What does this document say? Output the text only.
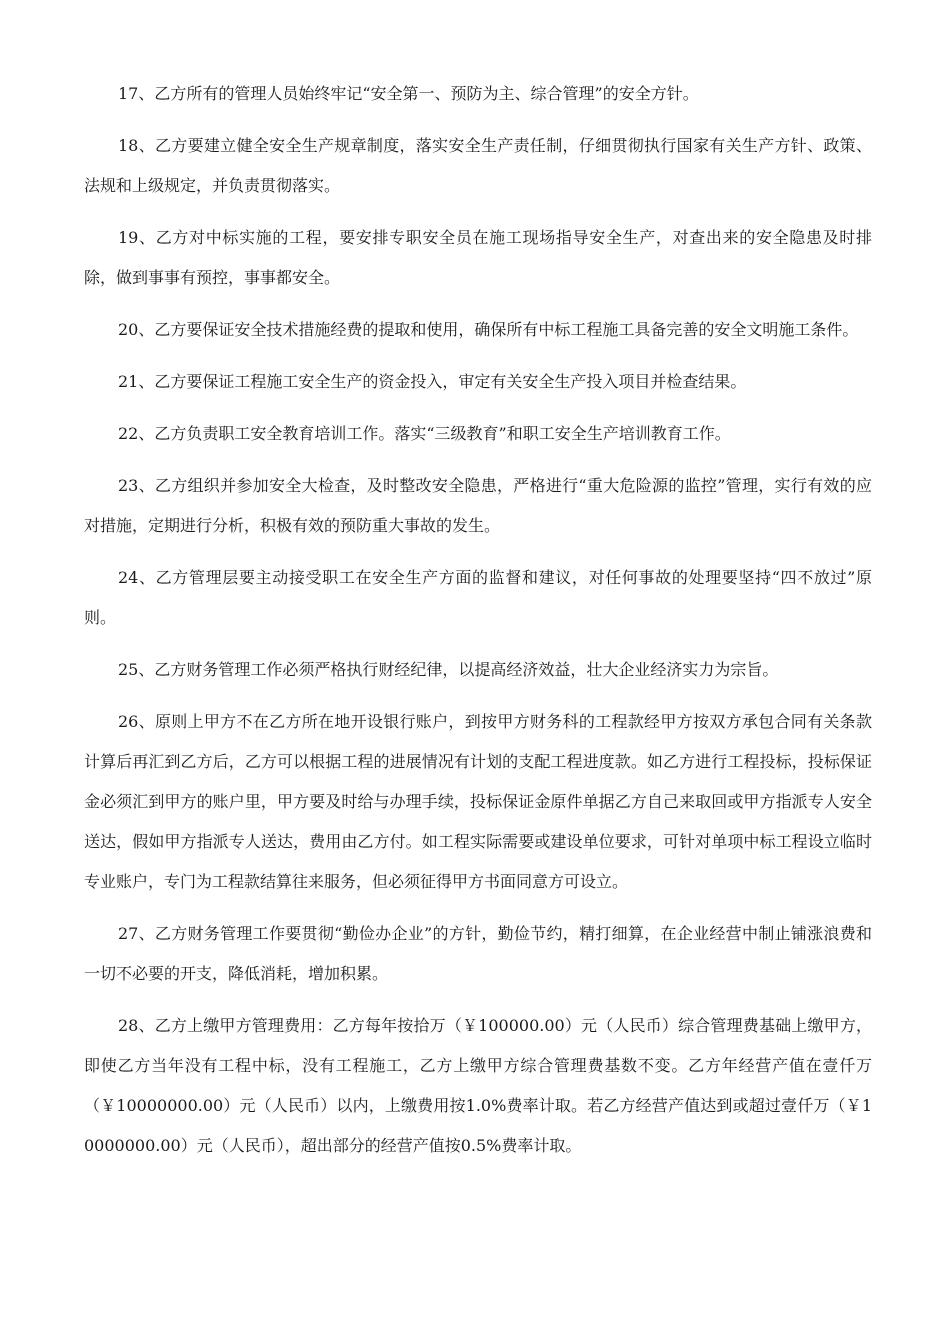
17、乙方所有的管理人员始终牢记“安全第一、预防为主、综合管理”的安全方针。

18、乙方要建立健全安全生产规章制度，落实安全生产责任制，仔细贯彻执行国家有关生产方针、政策、法规和上级规定，并负责贯彻落实。

19、乙方对中标实施的工程，要安排专职安全员在施工现场指导安全生产，对查出来的安全隐患及时排除，做到事事有预控，事事都安全。

20、乙方要保证安全技术措施经费的提取和使用，确保所有中标工程施工具备完善的安全文明施工条件。

21、乙方要保证工程施工安全生产的资金投入，审定有关安全生产投入项目并检查结果。

22、乙方负责职工安全教育培训工作。落实“三级教育”和职工安全生产培训教育工作。

23、乙方组织并参加安全大检查，及时整改安全隐患，严格进行“重大危险源的监控”管理，实行有效的应对措施，定期进行分析，积极有效的预防重大事故的发生。

24、乙方管理层要主动接受职工在安全生产方面的监督和建议，对任何事故的处理要坚持“四不放过”原则。

25、乙方财务管理工作必须严格执行财经纪律，以提高经济效益，壮大企业经济实力为宗旨。

26、原则上甲方不在乙方所在地开设银行账户，到按甲方财务科的工程款经甲方按双方承包合同有关条款计算后再汇到乙方后，乙方可以根据工程的进展情况有计划的支配工程进度款。如乙方进行工程投标，投标保证金必须汇到甲方的账户里，甲方要及时给与办理手续，投标保证金原件单据乙方自己来取回或甲方指派专人安全送达，假如甲方指派专人送达，费用由乙方付。如工程实际需要或建设单位要求，可针对单项中标工程设立临时专业账户，专门为工程款结算往来服务，但必须征得甲方书面同意方可设立。

27、乙方财务管理工作要贯彻“勤俭办企业”的方针，勤俭节约，精打细算，在企业经营中制止铺涨浪费和一切不必要的开支，降低消耗，增加积累。

28、乙方上缴甲方管理费用：乙方每年按拾万（￥100000.00）元（人民币）综合管理费基础上缴甲方，即使乙方当年没有工程中标，没有工程施工，乙方上缴甲方综合管理费基数不变。乙方年经营产值在壹仟万（￥10000000.00）元（人民币）以内，上缴费用按1.0%费率计取。若乙方经营产值达到或超过壹仟万（￥10000000.00）元（人民币），超出部分的经营产值按0.5%费率计取。
